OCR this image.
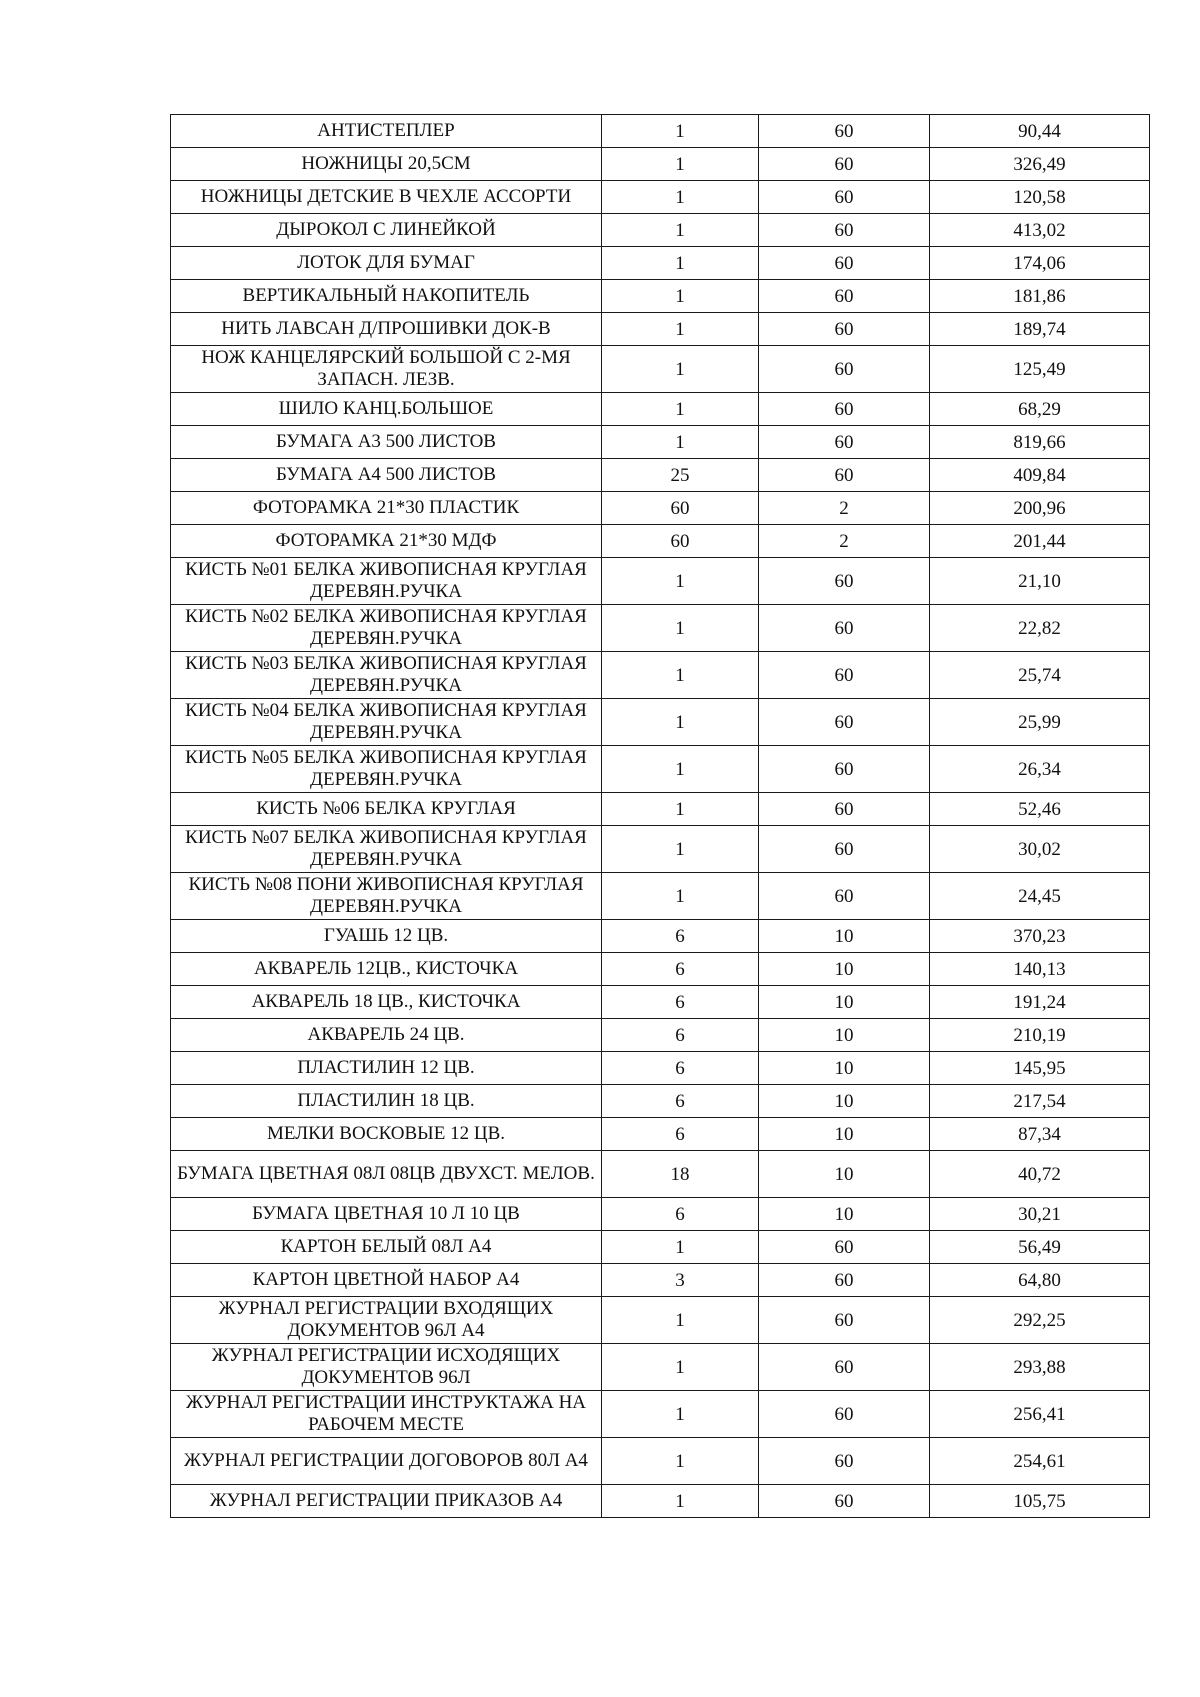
АНТИСТЕПЛЕР	1	60	90,44
НОЖНИЦЫ 20,5СМ	1	60	326,49
НОЖНИЦЫ ДЕТСКИЕ В ЧЕХЛЕ АССОРТИ	1	60	120,58
ДЫРОКОЛ С ЛИНЕЙКОЙ	1	60	413,02
ЛОТОК ДЛЯ БУМАГ	1	60	174,06
ВЕРТИКАЛЬНЫЙ НАКОПИТЕЛЬ	1	60	181,86
НИТЬ ЛАВСАН Д/ПРОШИВКИ ДОК-В	1	60	189,74
НОЖ КАНЦЕЛЯРСКИЙ БОЛЬШОЙ С 2-МЯ ЗАПАСН. ЛЕЗВ.	1	60	125,49
ШИЛО КАНЦ.БОЛЬШОЕ	1	60	68,29
БУМАГА А3 500 ЛИСТОВ	1	60	819,66
БУМАГА А4 500 ЛИСТОВ	25	60	409,84
ФОТОРАМКА 21*30 ПЛАСТИК	60	2	200,96
ФОТОРАМКА 21*30 МДФ	60	2	201,44
КИСТЬ №01 БЕЛКА ЖИВОПИСНАЯ КРУГЛАЯ ДЕРЕВЯН.РУЧКА	1	60	21,10
КИСТЬ №02 БЕЛКА ЖИВОПИСНАЯ КРУГЛАЯ ДЕРЕВЯН.РУЧКА	1	60	22,82
КИСТЬ №03 БЕЛКА ЖИВОПИСНАЯ КРУГЛАЯ ДЕРЕВЯН.РУЧКА	1	60	25,74
КИСТЬ №04 БЕЛКА ЖИВОПИСНАЯ КРУГЛАЯ ДЕРЕВЯН.РУЧКА	1	60	25,99
КИСТЬ №05 БЕЛКА ЖИВОПИСНАЯ КРУГЛАЯ ДЕРЕВЯН.РУЧКА	1	60	26,34
КИСТЬ №06 БЕЛКА КРУГЛАЯ	1	60	52,46
КИСТЬ №07 БЕЛКА ЖИВОПИСНАЯ КРУГЛАЯ ДЕРЕВЯН.РУЧКА	1	60	30,02
КИСТЬ №08 ПОНИ ЖИВОПИСНАЯ КРУГЛАЯ ДЕРЕВЯН.РУЧКА	1	60	24,45
ГУАШЬ 12 ЦВ.	6	10	370,23
АКВАРЕЛЬ 12ЦВ., КИСТОЧКА	6	10	140,13
АКВАРЕЛЬ 18 ЦВ., КИСТОЧКА	6	10	191,24
АКВАРЕЛЬ 24 ЦВ.	6	10	210,19
ПЛАСТИЛИН 12 ЦВ.	6	10	145,95
ПЛАСТИЛИН 18 ЦВ.	6	10	217,54
МЕЛКИ ВОСКОВЫЕ 12 ЦВ.	6	10	87,34
БУМАГА ЦВЕТНАЯ 08Л 08ЦВ ДВУХСТ. МЕЛОВ.	18	10	40,72
БУМАГА ЦВЕТНАЯ 10 Л 10 ЦВ	6	10	30,21
КАРТОН БЕЛЫЙ 08Л А4	1	60	56,49
КАРТОН ЦВЕТНОЙ НАБОР А4	3	60	64,80
ЖУРНАЛ РЕГИСТРАЦИИ ВХОДЯЩИХ ДОКУМЕНТОВ 96Л А4	1	60	292,25
ЖУРНАЛ РЕГИСТРАЦИИ ИСХОДЯЩИХ ДОКУМЕНТОВ 96Л	1	60	293,88
ЖУРНАЛ РЕГИСТРАЦИИ ИНСТРУКТАЖА НА РАБОЧЕМ МЕСТЕ	1	60	256,41
ЖУРНАЛ РЕГИСТРАЦИИ ДОГОВОРОВ 80Л А4	1	60	254,61
ЖУРНАЛ РЕГИСТРАЦИИ ПРИКАЗОВ А4	1	60	105,75
